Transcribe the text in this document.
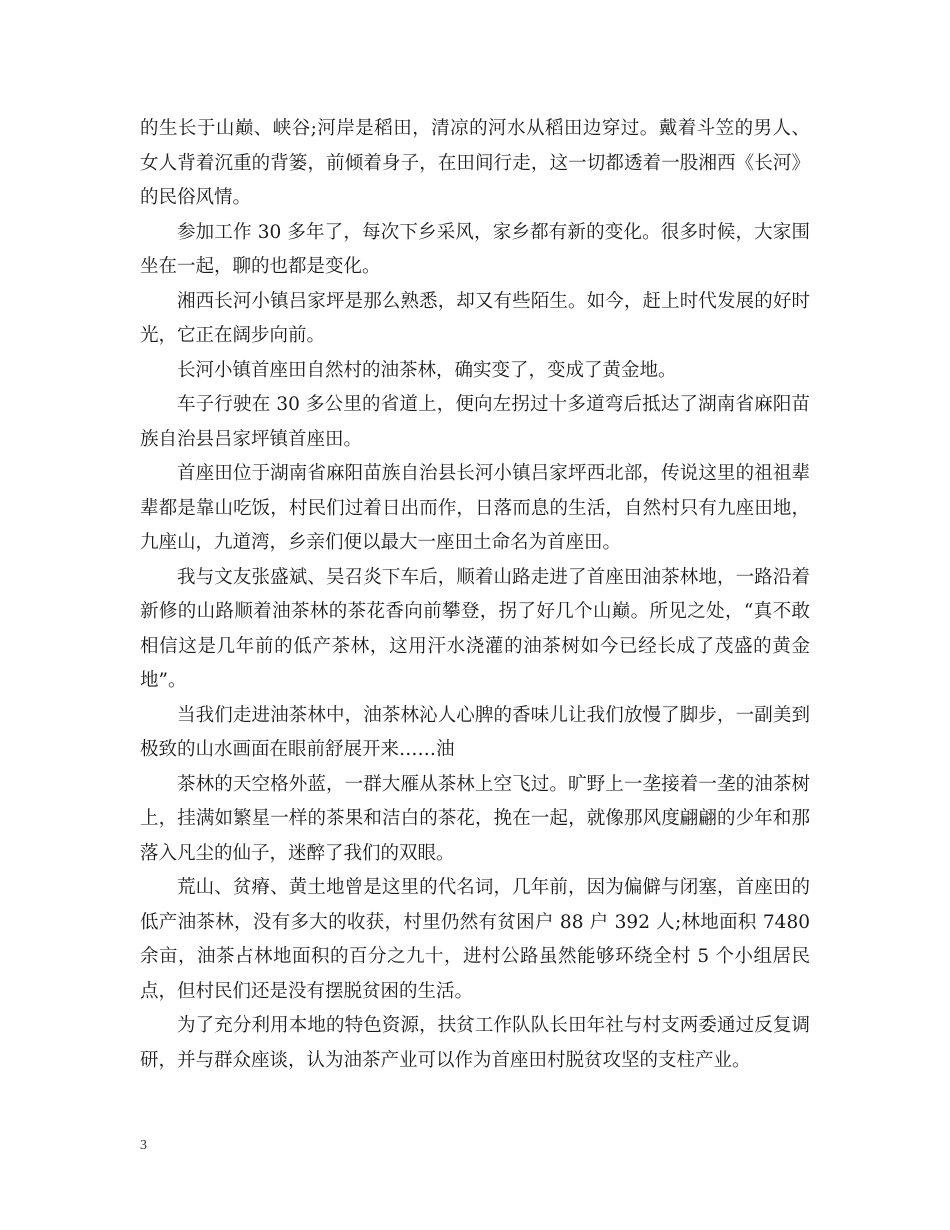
的生长于山巅、峡谷;河岸是稻田，清凉的河水从稻田边穿过。戴着斗笠的男人、女人背着沉重的背篓，前倾着身子，在田间行走，这一切都透着一股湘西《长河》的民俗风情。

参加工作 30 多年了，每次下乡采风，家乡都有新的变化。很多时候，大家围坐在一起，聊的也都是变化。

湘西长河小镇吕家坪是那么熟悉，却又有些陌生。如今，赶上时代发展的好时光，它正在阔步向前。

长河小镇首座田自然村的油茶林，确实变了，变成了黄金地。

车子行驶在 30 多公里的省道上，便向左拐过十多道弯后抵达了湖南省麻阳苗族自治县吕家坪镇首座田。

首座田位于湖南省麻阳苗族自治县长河小镇吕家坪西北部，传说这里的祖祖辈辈都是靠山吃饭，村民们过着日出而作，日落而息的生活，自然村只有九座田地，九座山，九道湾，乡亲们便以最大一座田土命名为首座田。

我与文友张盛斌、吴召炎下车后，顺着山路走进了首座田油茶林地，一路沿着新修的山路顺着油茶林的茶花香向前攀登，拐了好几个山巅。所见之处，“真不敢相信这是几年前的低产茶林，这用汗水浇灌的油茶树如今已经长成了茂盛的黄金地”。

当我们走进油茶林中，油茶林沁人心脾的香味儿让我们放慢了脚步，一副美到极致的山水画面在眼前舒展开来……油

茶林的天空格外蓝，一群大雁从茶林上空飞过。旷野上一垄接着一垄的油茶树上，挂满如繁星一样的茶果和洁白的茶花，挽在一起，就像那风度翩翩的少年和那落入凡尘的仙子，迷醉了我们的双眼。

荒山、贫瘠、黄土地曾是这里的代名词，几年前，因为偏僻与闭塞，首座田的低产油茶林，没有多大的收获，村里仍然有贫困户 88 户 392 人;林地面积 7480 余亩，油茶占林地面积的百分之九十，进村公路虽然能够环绕全村 5 个小组居民点，但村民们还是没有摆脱贫困的生活。

为了充分利用本地的特色资源，扶贫工作队队长田年社与村支两委通过反复调研，并与群众座谈，认为油茶产业可以作为首座田村脱贫攻坚的支柱产业。

3
